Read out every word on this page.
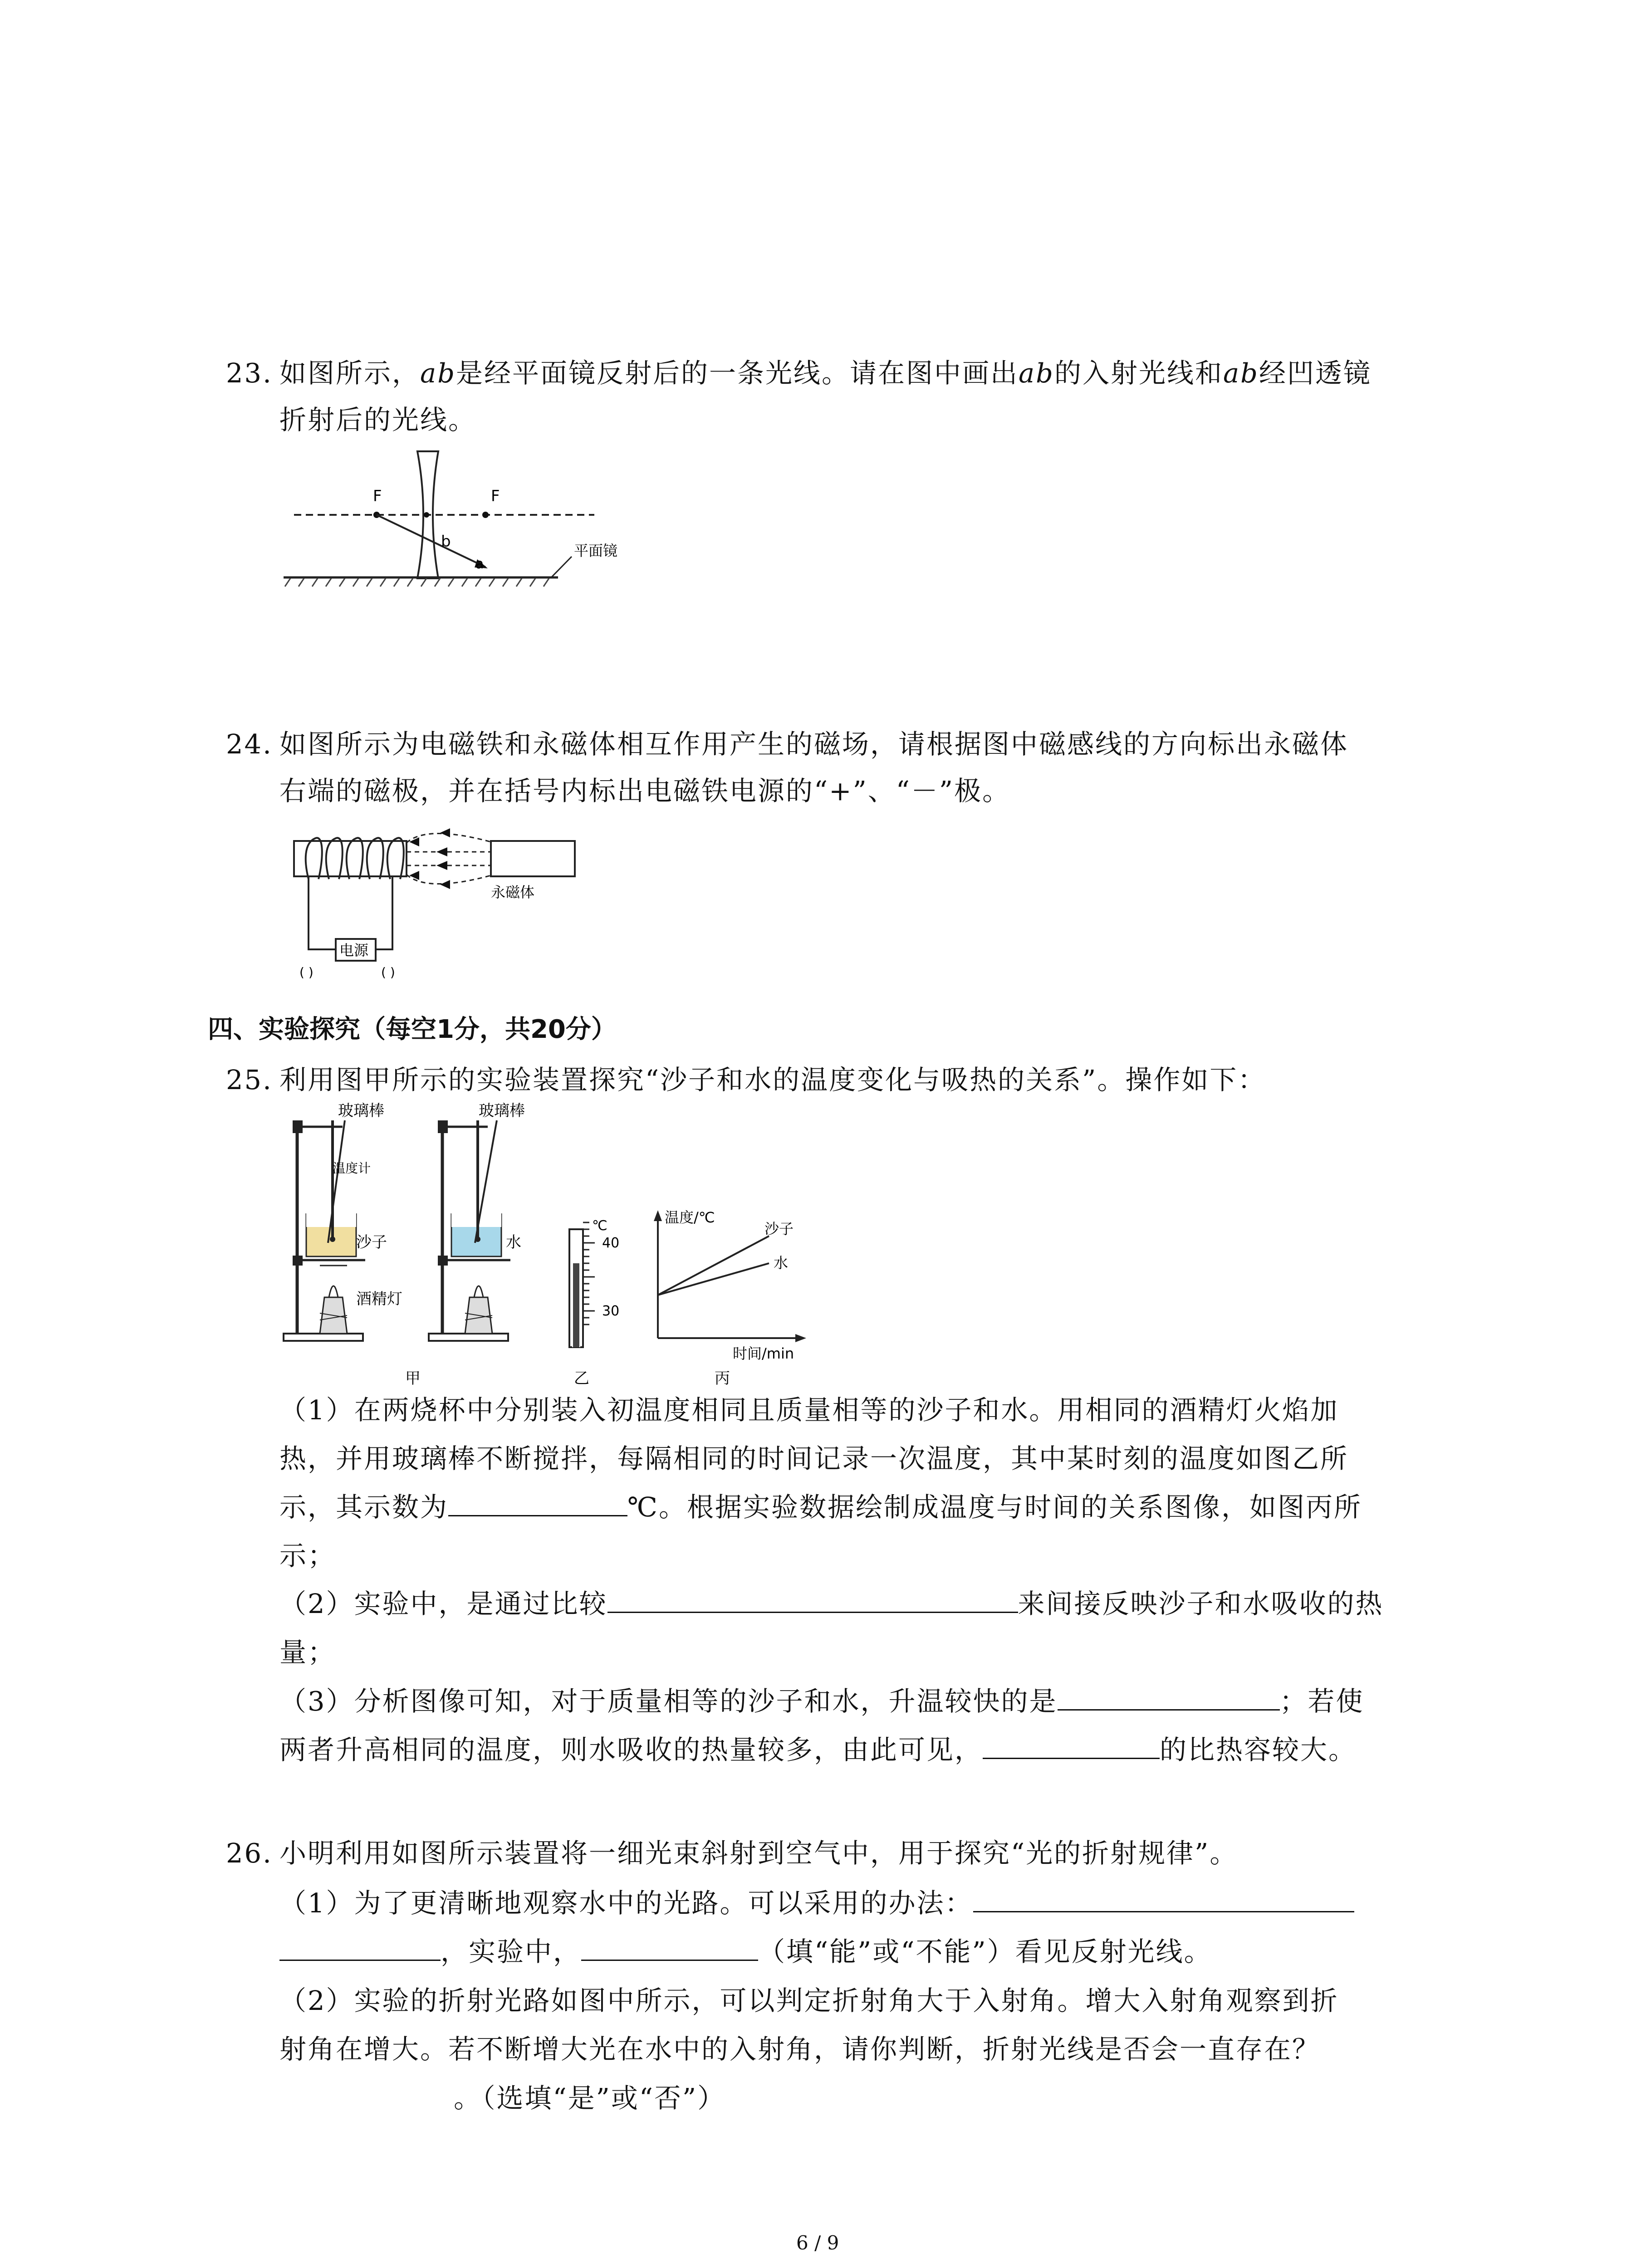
23. 如图所示，ab是经平面镜反射后的一条光线。请在图中画出ab的入射光线和ab经凹透镜
折射后的光线。
F	F
b
a
平面镜
24. 如图所示为电磁铁和永磁体相互作用产生的磁场，请根据图中磁感线的方向标出永磁体
右端的磁极，并在括号内标出电磁铁电源的“+”、“－”极。
永磁体
电源
( )	( )
四、实验探究（每空1分，共20分）
25. 利用图甲所示的实验装置探究“沙子和水的温度变化与吸热的关系”。操作如下：
玻璃棒
温度计
沙子
酒精灯
甲
玻璃棒
水
℃
40
30
乙
温度/℃
沙子
水
时间/min
丙
（1）在两烧杯中分别装入初温度相同且质量相等的沙子和水。用相同的酒精灯火焰加
热，并用玻璃棒不断搅拌，每隔相同的时间记录一次温度，其中某时刻的温度如图乙所
示，其示数为	℃。根据实验数据绘制成温度与时间的关系图像，如图丙所
示；
（2）实验中，是通过比较	来间接反映沙子和水吸收的热
量；
（3）分析图像可知，对于质量相等的沙子和水，升温较快的是	；若使
两者升高相同的温度，则水吸收的热量较多，由此可见，	的比热容较大。
26. 小明利用如图所示装置将一细光束斜射到空气中，用于探究“光的折射规律”。
（1）为了更清晰地观察水中的光路。可以采用的办法：
，实验中，	（填“能”或“不能”）看见反射光线。
（2）实验的折射光路如图中所示，可以判定折射角大于入射角。增大入射角观察到折
射角在增大。若不断增大光在水中的入射角，请你判断，折射光线是否会一直存在？
。（选填“是”或“否”）
6 / 9
